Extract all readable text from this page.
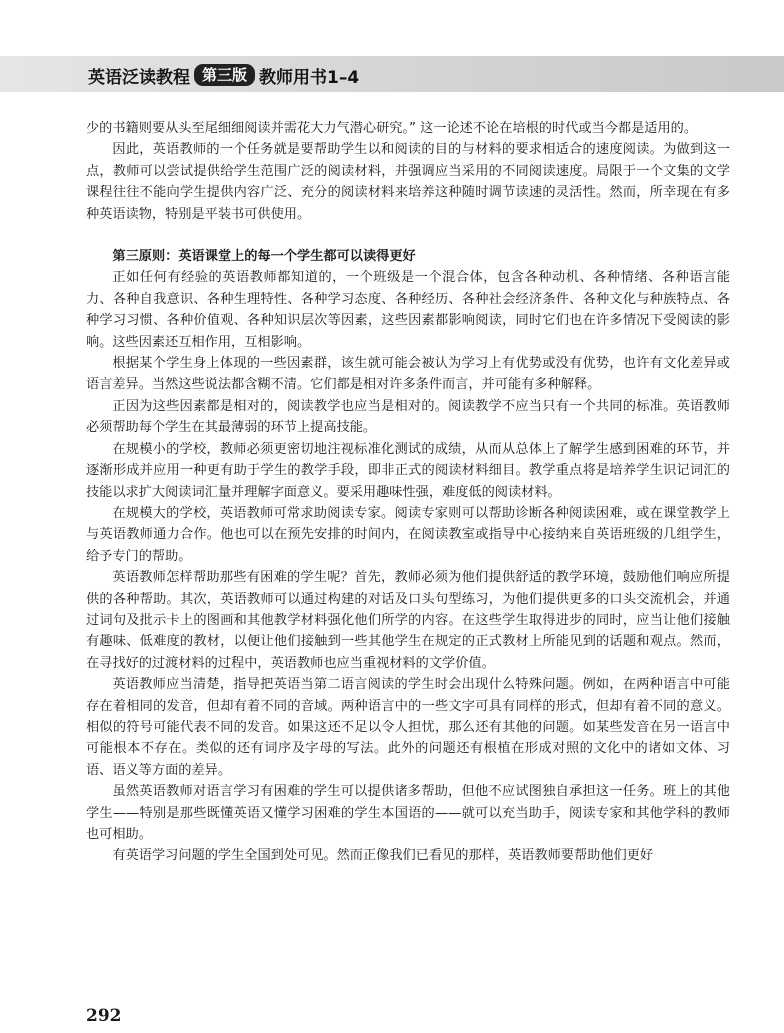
英语泛读教程 第三版 教师用书1–4

少的书籍则要从头至尾细细阅读并需花大力气潜心研究。” 这一论述不论在培根的时代或当今都是适用的。

因此，英语教师的一个任务就是要帮助学生以和阅读的目的与材料的要求相适合的速度阅读。为做到这一点，教师可以尝试提供给学生范围广泛的阅读材料，并强调应当采用的不同阅读速度。局限于一个文集的文学课程往往不能向学生提供内容广泛、充分的阅读材料来培养这种随时调节读速的灵活性。然而，所幸现在有多种英语读物，特别是平装书可供使用。

第三原则：英语课堂上的每一个学生都可以读得更好

正如任何有经验的英语教师都知道的，一个班级是一个混合体，包含各种动机、各种情绪、各种语言能力、各种自我意识、各种生理特性、各种学习态度、各种经历、各种社会经济条件、各种文化与种族特点、各种学习习惯、各种价值观、各种知识层次等因素，这些因素都影响阅读，同时它们也在许多情况下受阅读的影响。这些因素还互相作用，互相影响。

根据某个学生身上体现的一些因素群，该生就可能会被认为学习上有优势或没有优势，也许有文化差异或语言差异。当然这些说法都含糊不清。它们都是相对许多条件而言，并可能有多种解释。

正因为这些因素都是相对的，阅读教学也应当是相对的。阅读教学不应当只有一个共同的标准。英语教师必须帮助每个学生在其最薄弱的环节上提高技能。

在规模小的学校，教师必须更密切地注视标准化测试的成绩，从而从总体上了解学生感到困难的环节，并逐渐形成并应用一种更有助于学生的教学手段，即非正式的阅读材料细目。教学重点将是培养学生识记词汇的技能以求扩大阅读词汇量并理解字面意义。要采用趣味性强，难度低的阅读材料。

在规模大的学校，英语教师可常求助阅读专家。阅读专家则可以帮助诊断各种阅读困难，或在课堂教学上与英语教师通力合作。他也可以在预先安排的时间内，在阅读教室或指导中心接纳来自英语班级的几组学生，给予专门的帮助。

英语教师怎样帮助那些有困难的学生呢？首先，教师必须为他们提供舒适的教学环境，鼓励他们响应所提供的各种帮助。其次，英语教师可以通过构建的对话及口头句型练习，为他们提供更多的口头交流机会，并通过词句及批示卡上的图画和其他教学材料强化他们所学的内容。在这些学生取得进步的同时，应当让他们接触有趣味、低难度的教材，以便让他们接触到一些其他学生在规定的正式教材上所能见到的话题和观点。然而，在寻找好的过渡材料的过程中，英语教师也应当重视材料的文学价值。

英语教师应当清楚，指导把英语当第二语言阅读的学生时会出现什么特殊问题。例如，在两种语言中可能存在着相同的发音，但却有着不同的音域。两种语言中的一些文字可具有同样的形式，但却有着不同的意义。相似的符号可能代表不同的发音。如果这还不足以令人担忧，那么还有其他的问题。如某些发音在另一语言中可能根本不存在。类似的还有词序及字母的写法。此外的问题还有根植在形成对照的文化中的诸如文体、习语、语义等方面的差异。

虽然英语教师对语言学习有困难的学生可以提供诸多帮助，但他不应试图独自承担这一任务。班上的其他学生——特别是那些既懂英语又懂学习困难的学生本国语的——就可以充当助手，阅读专家和其他学科的教师也可相助。

有英语学习问题的学生全国到处可见。然而正像我们已看见的那样，英语教师要帮助他们更好

292
